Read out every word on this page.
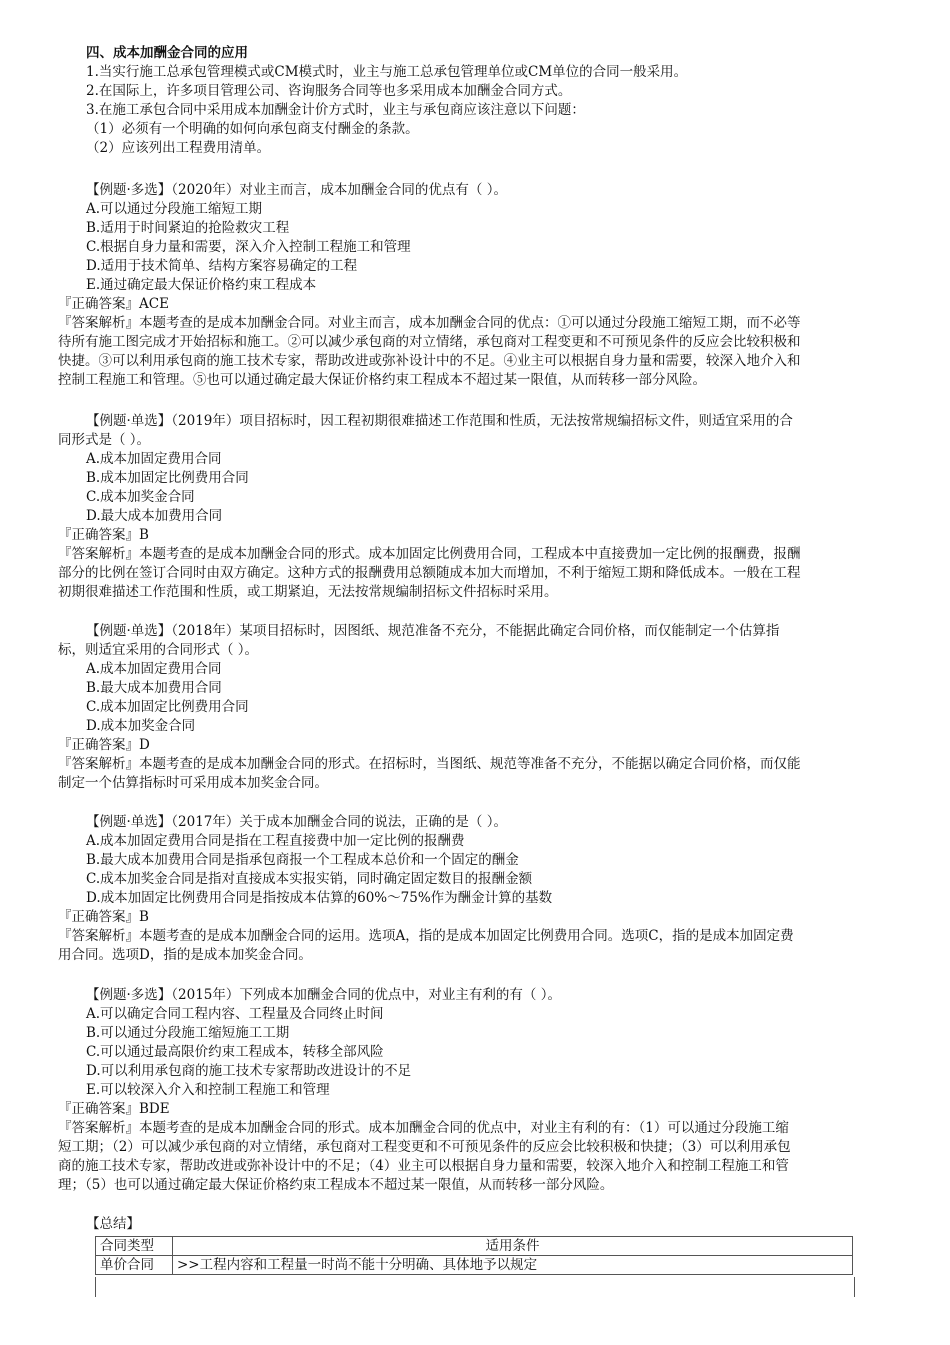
四、成本加酬金合同的应用
1.当实行施工总承包管理模式或CM模式时，业主与施工总承包管理单位或CM单位的合同一般采用。
2.在国际上，许多项目管理公司、咨询服务合同等也多采用成本加酬金合同方式。
3.在施工承包合同中采用成本加酬金计价方式时，业主与承包商应该注意以下问题：
（1）必须有一个明确的如何向承包商支付酬金的条款。
（2）应该列出工程费用清单。
【例题·多选】（2020年）对业主而言，成本加酬金合同的优点有（ ）。
A.可以通过分段施工缩短工期
B.适用于时间紧迫的抢险救灾工程
C.根据自身力量和需要，深入介入控制工程施工和管理
D.适用于技术简单、结构方案容易确定的工程
E.通过确定最大保证价格约束工程成本
『正确答案』ACE
『答案解析』本题考查的是成本加酬金合同。对业主而言，成本加酬金合同的优点：①可以通过分段施工缩短工期，而不必等
待所有施工图完成才开始招标和施工。②可以减少承包商的对立情绪，承包商对工程变更和不可预见条件的反应会比较积极和
快捷。③可以利用承包商的施工技术专家，帮助改进或弥补设计中的不足。④业主可以根据自身力量和需要，较深入地介入和
控制工程施工和管理。⑤也可以通过确定最大保证价格约束工程成本不超过某一限值，从而转移一部分风险。
【例题·单选】（2019年）项目招标时，因工程初期很难描述工作范围和性质，无法按常规编招标文件，则适宜采用的合
同形式是（ ）。
A.成本加固定费用合同
B.成本加固定比例费用合同
C.成本加奖金合同
D.最大成本加费用合同
『正确答案』B
『答案解析』本题考查的是成本加酬金合同的形式。成本加固定比例费用合同，工程成本中直接费加一定比例的报酬费，报酬
部分的比例在签订合同时由双方确定。这种方式的报酬费用总额随成本加大而增加，不利于缩短工期和降低成本。一般在工程
初期很难描述工作范围和性质，或工期紧迫，无法按常规编制招标文件招标时采用。
【例题·单选】（2018年）某项目招标时，因图纸、规范准备不充分，不能据此确定合同价格，而仅能制定一个估算指
标，则适宜采用的合同形式（ ）。
A.成本加固定费用合同
B.最大成本加费用合同
C.成本加固定比例费用合同
D.成本加奖金合同
『正确答案』D
『答案解析』本题考查的是成本加酬金合同的形式。在招标时，当图纸、规范等准备不充分，不能据以确定合同价格，而仅能
制定一个估算指标时可采用成本加奖金合同。
【例题·单选】（2017年）关于成本加酬金合同的说法，正确的是（ ）。
A.成本加固定费用合同是指在工程直接费中加一定比例的报酬费
B.最大成本加费用合同是指承包商报一个工程成本总价和一个固定的酬金
C.成本加奖金合同是指对直接成本实报实销，同时确定固定数目的报酬金额
D.成本加固定比例费用合同是指按成本估算的60%～75%作为酬金计算的基数
『正确答案』B
『答案解析』本题考查的是成本加酬金合同的运用。选项A，指的是成本加固定比例费用合同。选项C，指的是成本加固定费
用合同。选项D，指的是成本加奖金合同。
【例题·多选】（2015年）下列成本加酬金合同的优点中，对业主有利的有（ ）。
A.可以确定合同工程内容、工程量及合同终止时间
B.可以通过分段施工缩短施工工期
C.可以通过最高限价约束工程成本，转移全部风险
D.可以利用承包商的施工技术专家帮助改进设计的不足
E.可以较深入介入和控制工程施工和管理
『正确答案』BDE
『答案解析』本题考查的是成本加酬金合同的形式。成本加酬金合同的优点中，对业主有利的有：（1）可以通过分段施工缩
短工期；（2）可以减少承包商的对立情绪，承包商对工程变更和不可预见条件的反应会比较积极和快捷；（3）可以利用承包
商的施工技术专家，帮助改进或弥补设计中的不足；（4）业主可以根据自身力量和需要，较深入地介入和控制工程施工和管
理；（5）也可以通过确定最大保证价格约束工程成本不超过某一限值，从而转移一部分风险。
【总结】
合同类型	适用条件
单价合同	>>工程内容和工程量一时尚不能十分明确、具体地予以规定
